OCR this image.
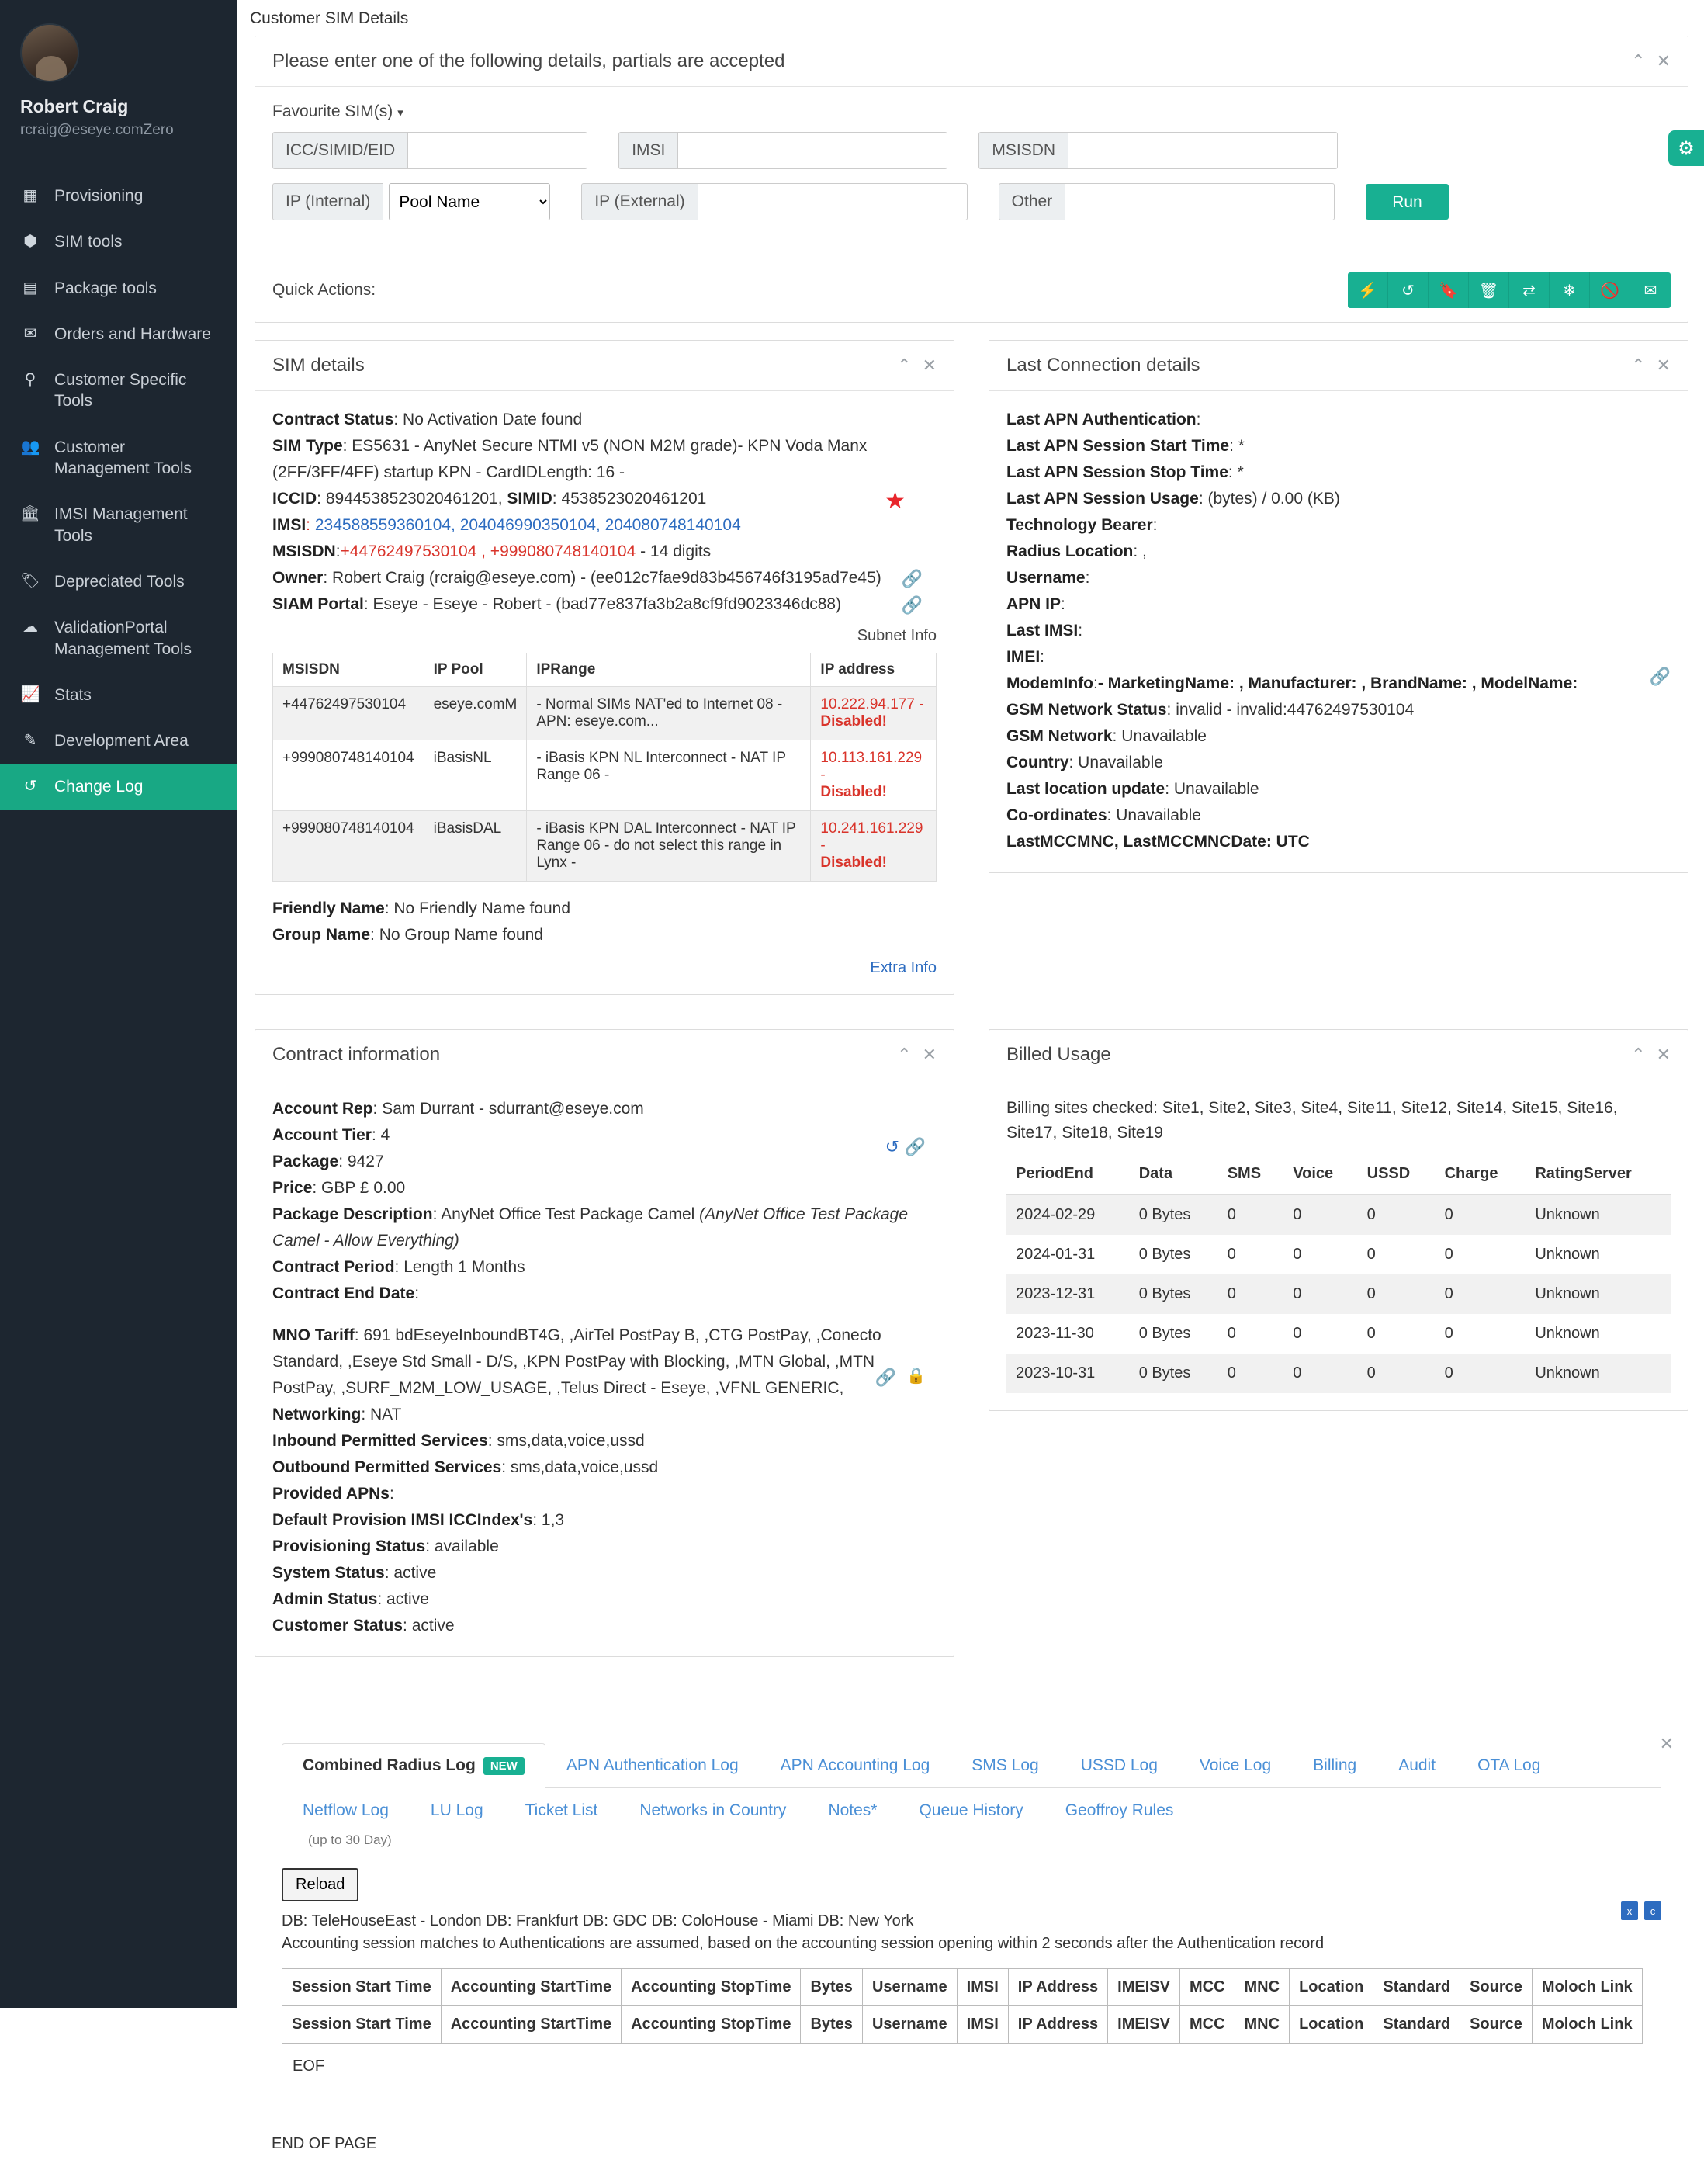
Robert Craig
rcraig@eseye.comZero
▦ Provisioning
⬢ SIM tools
▤ Package tools
✉ Orders and Hardware
⚲ Customer Specific Tools
👥 Customer Management Tools
🏛 IMSI Management Tools
🏷 Depreciated Tools
☁ ValidationPortal Management Tools
📈 Stats
✎ Development Area
↺ Change Log
Customer SIM Details
⚙
Please enter one of the following details, partials are accepted	⌃ ✕
Favourite SIM(s) ▾
ICC/SIMID/EID	IMSI	MSISDN
IP (Internal)
Pool Name	IP (External)	Other	Run
Quick Actions:	⚡	↺	🔖	🗑	⇄	❄	🚫	✉
SIM details	⌃ ✕
Contract Status: No Activation Date found
SIM Type: ES5631 - AnyNet Secure NTMI v5 (NON M2M grade)- KPN Voda Manx (2FF/3FF/4FF) startup KPN - CardIDLength: 16 -
ICCID: 8944538523020461201, SIMID: 4538523020461201	★
IMSI: 234588559360104, 204046990350104, 204080748140104
MSISDN:+44762497530104 , +999080748140104 - 14 digits
Owner: Robert Craig (rcraig@eseye.com) - (ee012c7fae9d83b456746f3195ad7e45) 🔗
SIAM Portal: Eseye - Eseye - Robert - (bad77e837fa3b2a8cf9fd9023346dc88)	🔗
Subnet Info
MSISDN	IP Pool	IPRange	IP address
+44762497530104	eseye.comM	- Normal SIMs NAT'ed to Internet 08 - APN: eseye.com...	10.222.94.177 -
Disabled!
+999080748140104	iBasisNL	- iBasis KPN NL Interconnect - NAT IP Range 06 -	10.113.161.229 -
Disabled!
+999080748140104	iBasisDAL	- iBasis KPN DAL Interconnect - NAT IP Range 06 - do not select this range in Lynx -	10.241.161.229 -
Disabled!
Friendly Name: No Friendly Name found
Group Name: No Group Name found
Extra Info
Last Connection details	⌃ ✕
Last APN Authentication:
Last APN Session Start Time: *
Last APN Session Stop Time: *
Last APN Session Usage: (bytes) / 0.00 (KB)
Technology Bearer:
Radius Location: ,
Username:
APN IP:
Last IMSI:
IMEI:
ModemInfo:- MarketingName: , Manufacturer: , BrandName: , ModelName:
GSM Network Status: invalid - invalid:44762497530104
GSM Network: Unavailable
Country: Unavailable
Last location update: Unavailable
Co-ordinates: Unavailable
LastMCCMNC, LastMCCMNCDate: UTC
🔗
Contract information	⌃ ✕
Account Rep: Sam Durrant - sdurrant@eseye.com
Account Tier: 4
Package: 9427
Price: GBP £ 0.00
Package Description: AnyNet Office Test Package Camel (AnyNet Office Test Package Camel - Allow Everything)
Contract Period: Length 1 Months
Contract End Date:
MNO Tariff: 691 bdEseyeInboundBT4G, ,AirTel PostPay B, ,CTG PostPay, ,Conecto Standard, ,Eseye Std Small - D/S, ,KPN PostPay with Blocking, ,MTN Global, ,MTN PostPay, ,SURF_M2M_LOW_USAGE, ,Telus Direct - Eseye, ,VFNL GENERIC,
Networking: NAT
Inbound Permitted Services: sms,data,voice,ussd
Outbound Permitted Services: sms,data,voice,ussd
Provided APNs:
Default Provision IMSI ICCIndex's: 1,3
Provisioning Status: available
System Status: active
Admin Status: active
Customer Status: active
↺ 🔗
🔗 🔒
Billed Usage	⌃ ✕
Billing sites checked: Site1, Site2, Site3, Site4, Site11, Site12, Site14, Site15, Site16, Site17, Site18, Site19
PeriodEnd	Data	SMS	Voice	USSD	Charge	RatingServer
2024-02-29	0 Bytes	0	0	0	0	Unknown
2024-01-31	0 Bytes	0	0	0	0	Unknown
2023-12-31	0 Bytes	0	0	0	0	Unknown
2023-11-30	0 Bytes	0	0	0	0	Unknown
2023-10-31	0 Bytes	0	0	0	0	Unknown
✕
Combined Radius Log NEW	APN Authentication Log	APN Accounting Log	SMS Log	USSD Log	Voice Log	Billing	Audit	OTA Log
Netflow Log	LU Log	Ticket List	Networks in Country	Notes*	Queue History	Geoffroy Rules
(up to 30 Day)
Reload
DB: TeleHouseEast - London DB: Frankfurt DB: GDC DB: ColoHouse - Miami DB: New York
Accounting session matches to Authentications are assumed, based on the accounting session opening within 2 seconds after the Authentication record
x	c
Session Start Time	Accounting StartTime	Accounting StopTime	Bytes	Username	IMSI	IP Address	IMEISV	MCC	MNC	Location	Standard	Source	Moloch Link
Session Start Time	Accounting StartTime	Accounting StopTime	Bytes	Username	IMSI	IP Address	IMEISV	MCC	MNC	Location	Standard	Source	Moloch Link
EOF
END OF PAGE
